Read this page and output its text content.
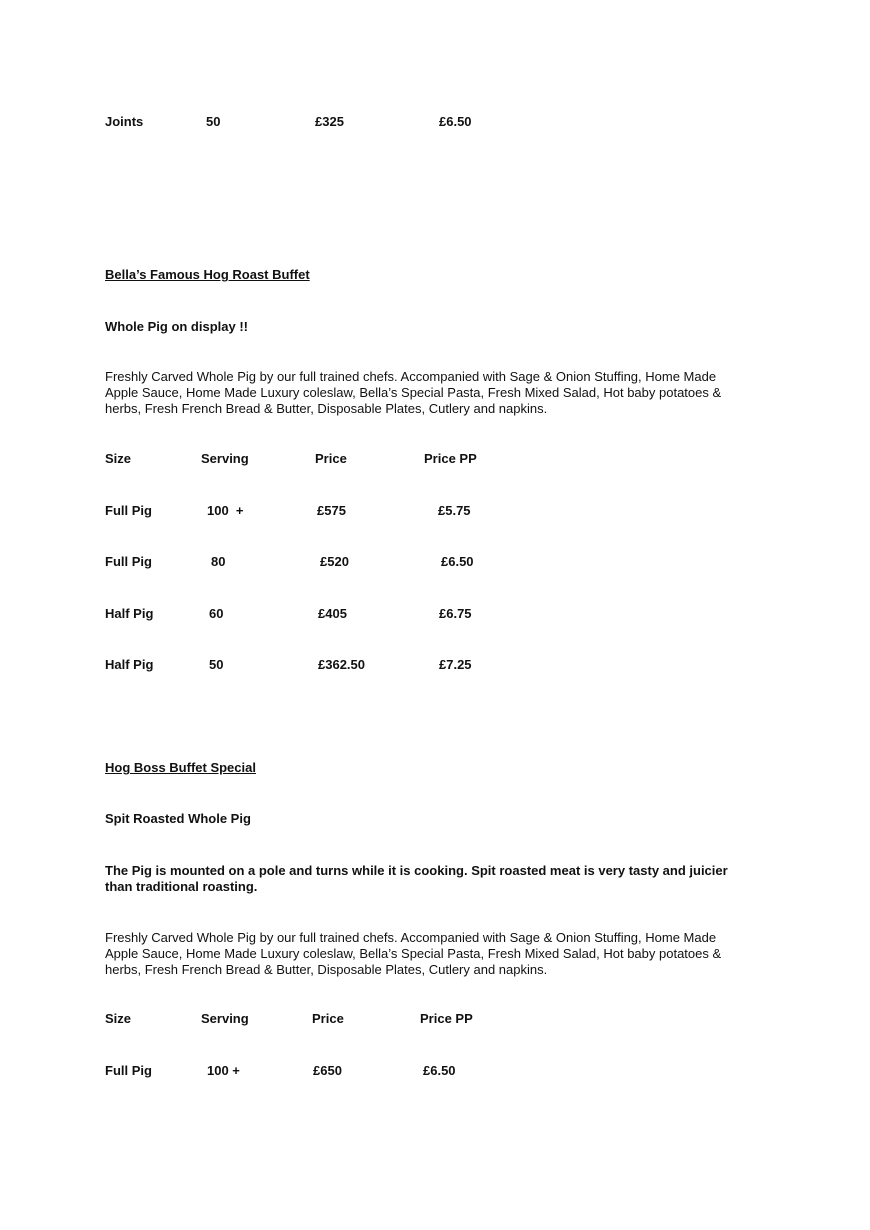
Joints	50	£325	£6.50
Bella’s Famous Hog Roast Buffet
Whole Pig on display !!
Freshly Carved Whole Pig by our full trained chefs. Accompanied with Sage & Onion Stuffing, Home Made Apple Sauce, Home Made Luxury coleslaw, Bella’s Special Pasta, Fresh Mixed Salad, Hot baby potatoes & herbs, Fresh French Bread & Butter, Disposable Plates, Cutlery and napkins.
Size	Serving	Price	Price PP
Full Pig	100  +	£575	£5.75
Full Pig	80	£520	£6.50
Half Pig	60	£405	£6.75
Half Pig	50	£362.50	£7.25
Hog Boss Buffet Special
Spit Roasted Whole Pig
The Pig is mounted on a pole and turns while it is cooking. Spit roasted meat is very tasty and juicier than traditional roasting.
Freshly Carved Whole Pig by our full trained chefs. Accompanied with Sage & Onion Stuffing, Home Made Apple Sauce, Home Made Luxury coleslaw, Bella’s Special Pasta, Fresh Mixed Salad, Hot baby potatoes & herbs, Fresh French Bread & Butter, Disposable Plates, Cutlery and napkins.
Size	Serving	Price	Price PP
Full Pig	100 +	£650	£6.50
